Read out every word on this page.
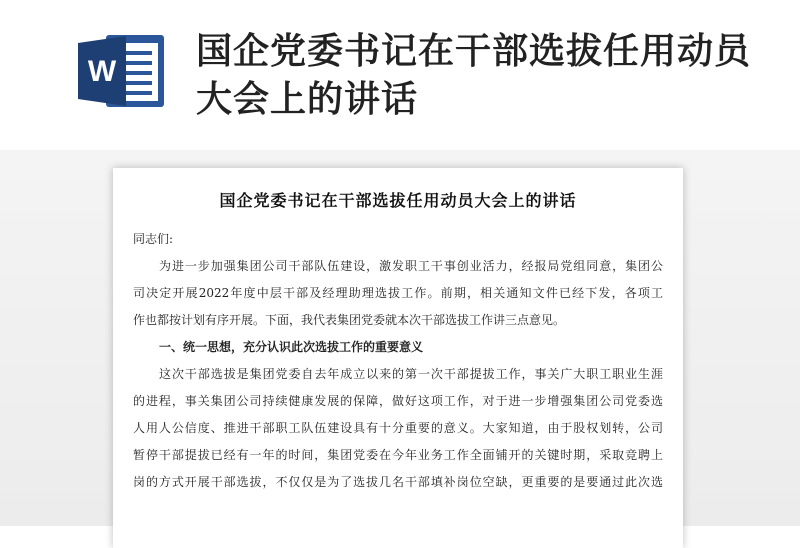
W 国企党委书记在干部选拔任用动员大会上的讲话
国企党委书记在干部选拔任用动员大会上的讲话
同志们:
为进一步加强集团公司干部队伍建设，激发职工干事创业活力，经报局党组同意，集团公
司决定开展2022年度中层干部及经理助理选拔工作。前期，相关通知文件已经下发，各项工
作也都按计划有序开展。下面，我代表集团党委就本次干部选拔工作讲三点意见。
一、统一思想，充分认识此次选拔工作的重要意义
这次干部选拔是集团党委自去年成立以来的第一次干部提拔工作，事关广大职工职业生涯
的进程，事关集团公司持续健康发展的保障，做好这项工作，对于进一步增强集团公司党委选
人用人公信度、推进干部职工队伍建设具有十分重要的意义。大家知道，由于股权划转，公司
暂停干部提拔已经有一年的时间，集团党委在今年业务工作全面铺开的关键时期，采取竞聘上
岗的方式开展干部选拔，不仅仅是为了选拔几名干部填补岗位空缺，更重要的是要通过此次选
